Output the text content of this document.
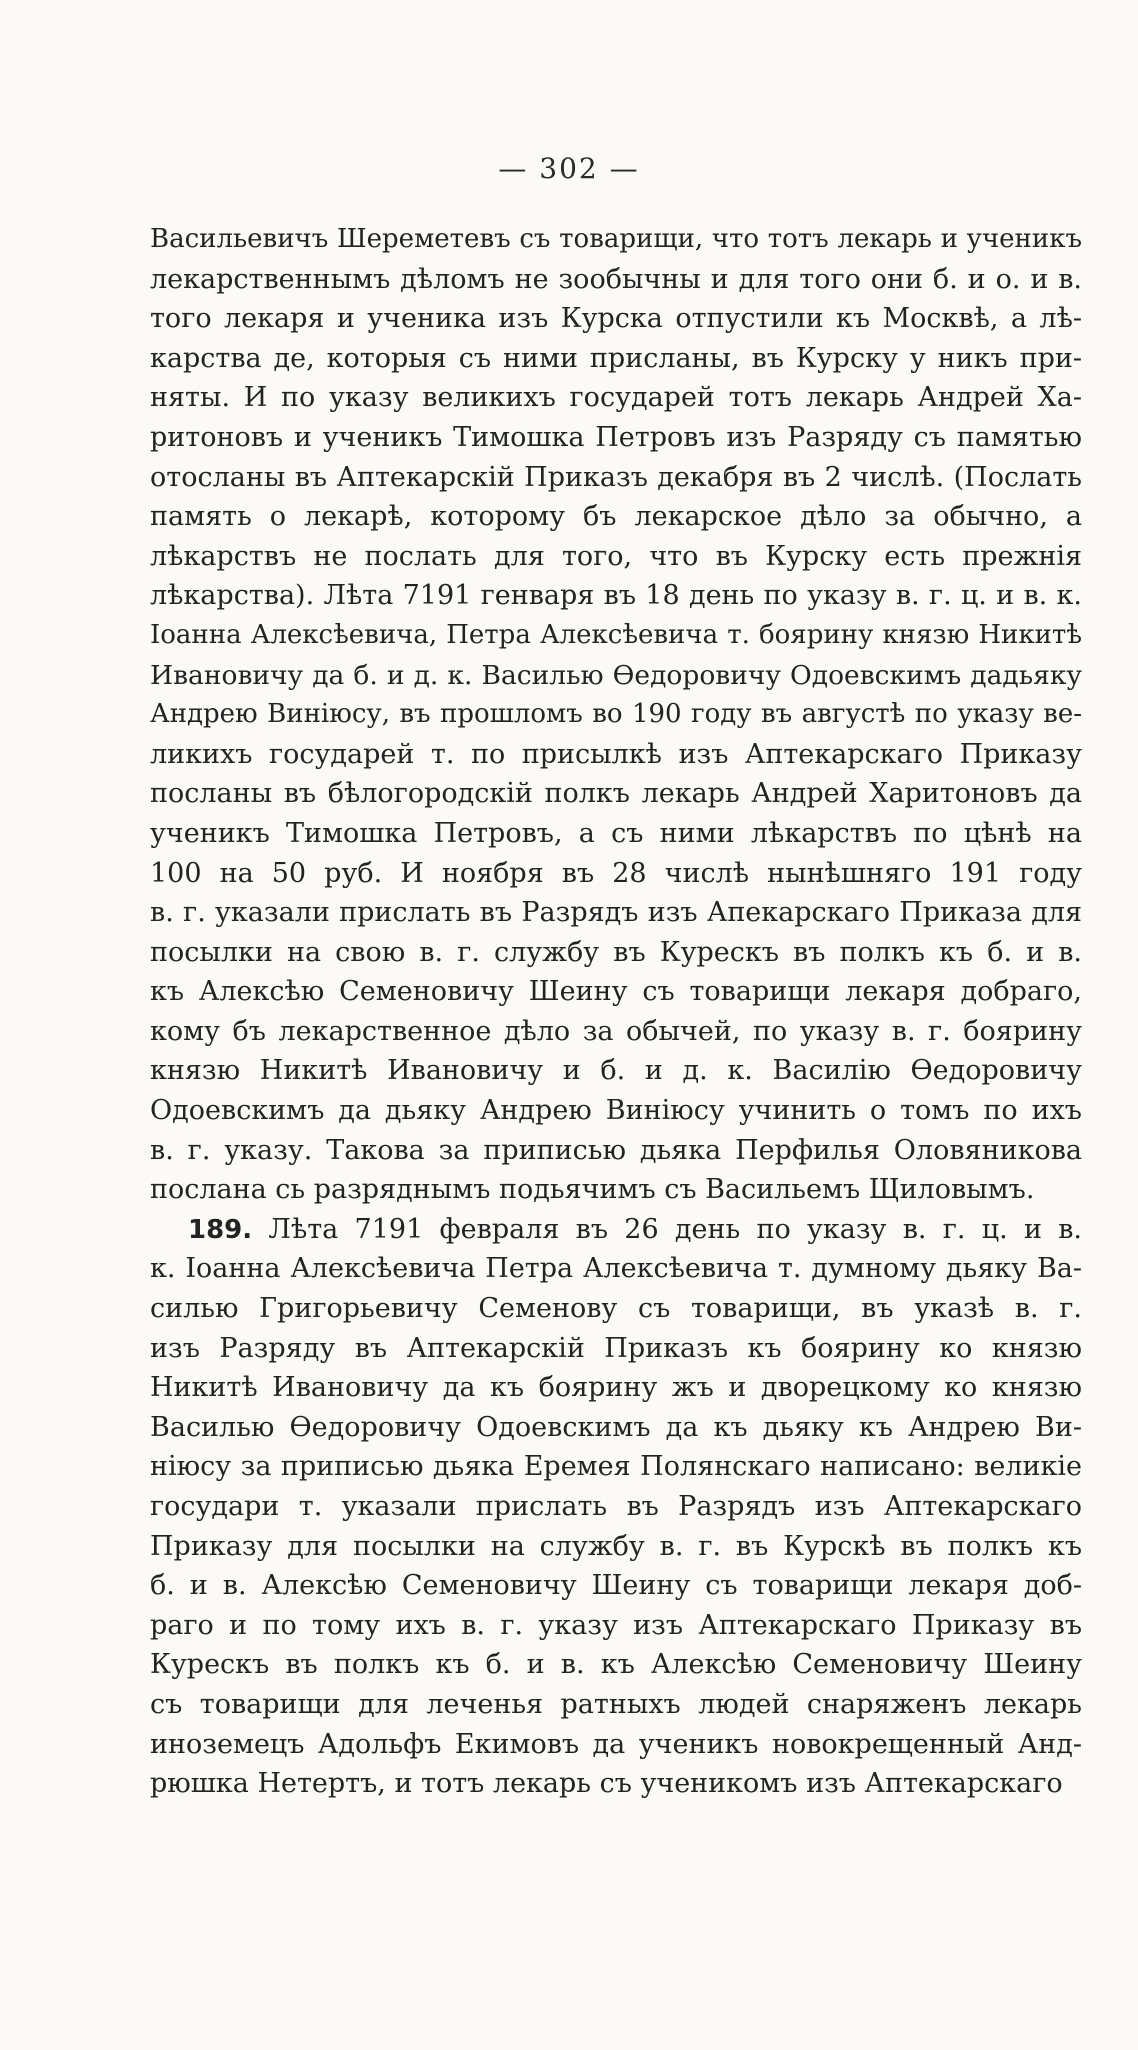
— 302 —
Васильевичъ Шереметевъ съ товарищи, что тотъ лекарь и ученикъ
лекарственнымъ дѣломъ не зообычны и для того они б. и о. и в.
того лекаря и ученика изъ Курска отпустили къ Москвѣ, а лѣ-
карства де, которыя съ ними присланы, въ Курску у никъ при-
няты. И по указу великихъ государей тотъ лекарь Андрей Ха-
ритоновъ и ученикъ Тимошка Петровъ изъ Разряду съ памятью
отосланы въ Аптекарскій Приказъ декабря въ 2 числѣ. (Послать
память о лекарѣ, которому бъ лекарское дѣло за обычно, а
лѣкарствъ не послать для того, что въ Курску есть прежнія
лѣкарства). Лѣта 7191 генваря въ 18 день по указу в. г. ц. и в. к.
Іоанна Алексѣевича, Петра Алексѣевича т. боярину князю Никитѣ
Ивановичу да б. и д. к. Василью Өедоровичу Одоевскимъ дадьяку
Андрею Виніюсу, въ прошломъ во 190 году въ августѣ по указу ве-
ликихъ государей т. по присылкѣ изъ Аптекарскаго Приказу
посланы въ бѣлогородскій полкъ лекарь Андрей Харитоновъ да
ученикъ Тимошка Петровъ, а съ ними лѣкарствъ по цѣнѣ на
100 на 50 руб. И ноября въ 28 числѣ нынѣшняго 191 году
в. г. указали прислать въ Разрядъ изъ Апекарскаго Приказа для
посылки на свою в. г. службу въ Курескъ въ полкъ къ б. и в.
къ Алексѣю Семеновичу Шеину съ товарищи лекаря добраго,
кому бъ лекарственное дѣло за обычей, по указу в. г. боярину
князю Никитѣ Ивановичу и б. и д. к. Василію Өедоровичу
Одоевскимъ да дьяку Андрею Виніюсу учинить о томъ по ихъ
в. г. указу. Такова за приписью дьяка Перфилья Оловяникова
послана сь разряднымъ подьячимъ съ Васильемъ Щиловымъ.
189. Лѣта 7191 февраля въ 26 день по указу в. г. ц. и в.
к. Іоанна Алексѣевича Петра Алексѣевича т. думному дьяку Ва-
силью Григорьевичу Семенову съ товарищи, въ указѣ в. г.
изъ Разряду въ Аптекарскій Приказъ къ боярину ко князю
Никитѣ Ивановичу да къ боярину жъ и дворецкому ко князю
Василью Өедоровичу Одоевскимъ да къ дьяку къ Андрею Ви-
ніюсу за приписью дьяка Еремея Полянскаго написано: великіе
государи т. указали прислать въ Разрядъ изъ Аптекарскаго
Приказу для посылки на службу в. г. въ Курскѣ въ полкъ къ
б. и в. Алексѣю Семеновичу Шеину съ товарищи лекаря доб-
раго и по тому ихъ в. г. указу изъ Аптекарскаго Приказу въ
Курескъ въ полкъ къ б. и в. къ Алексѣю Семеновичу Шеину
съ товарищи для леченья ратныхъ людей снаряженъ лекарь
иноземецъ Адольфъ Екимовъ да ученикъ новокрещенный Анд-
рюшка Нетертъ, и тотъ лекарь съ ученикомъ изъ Аптекарскаго
